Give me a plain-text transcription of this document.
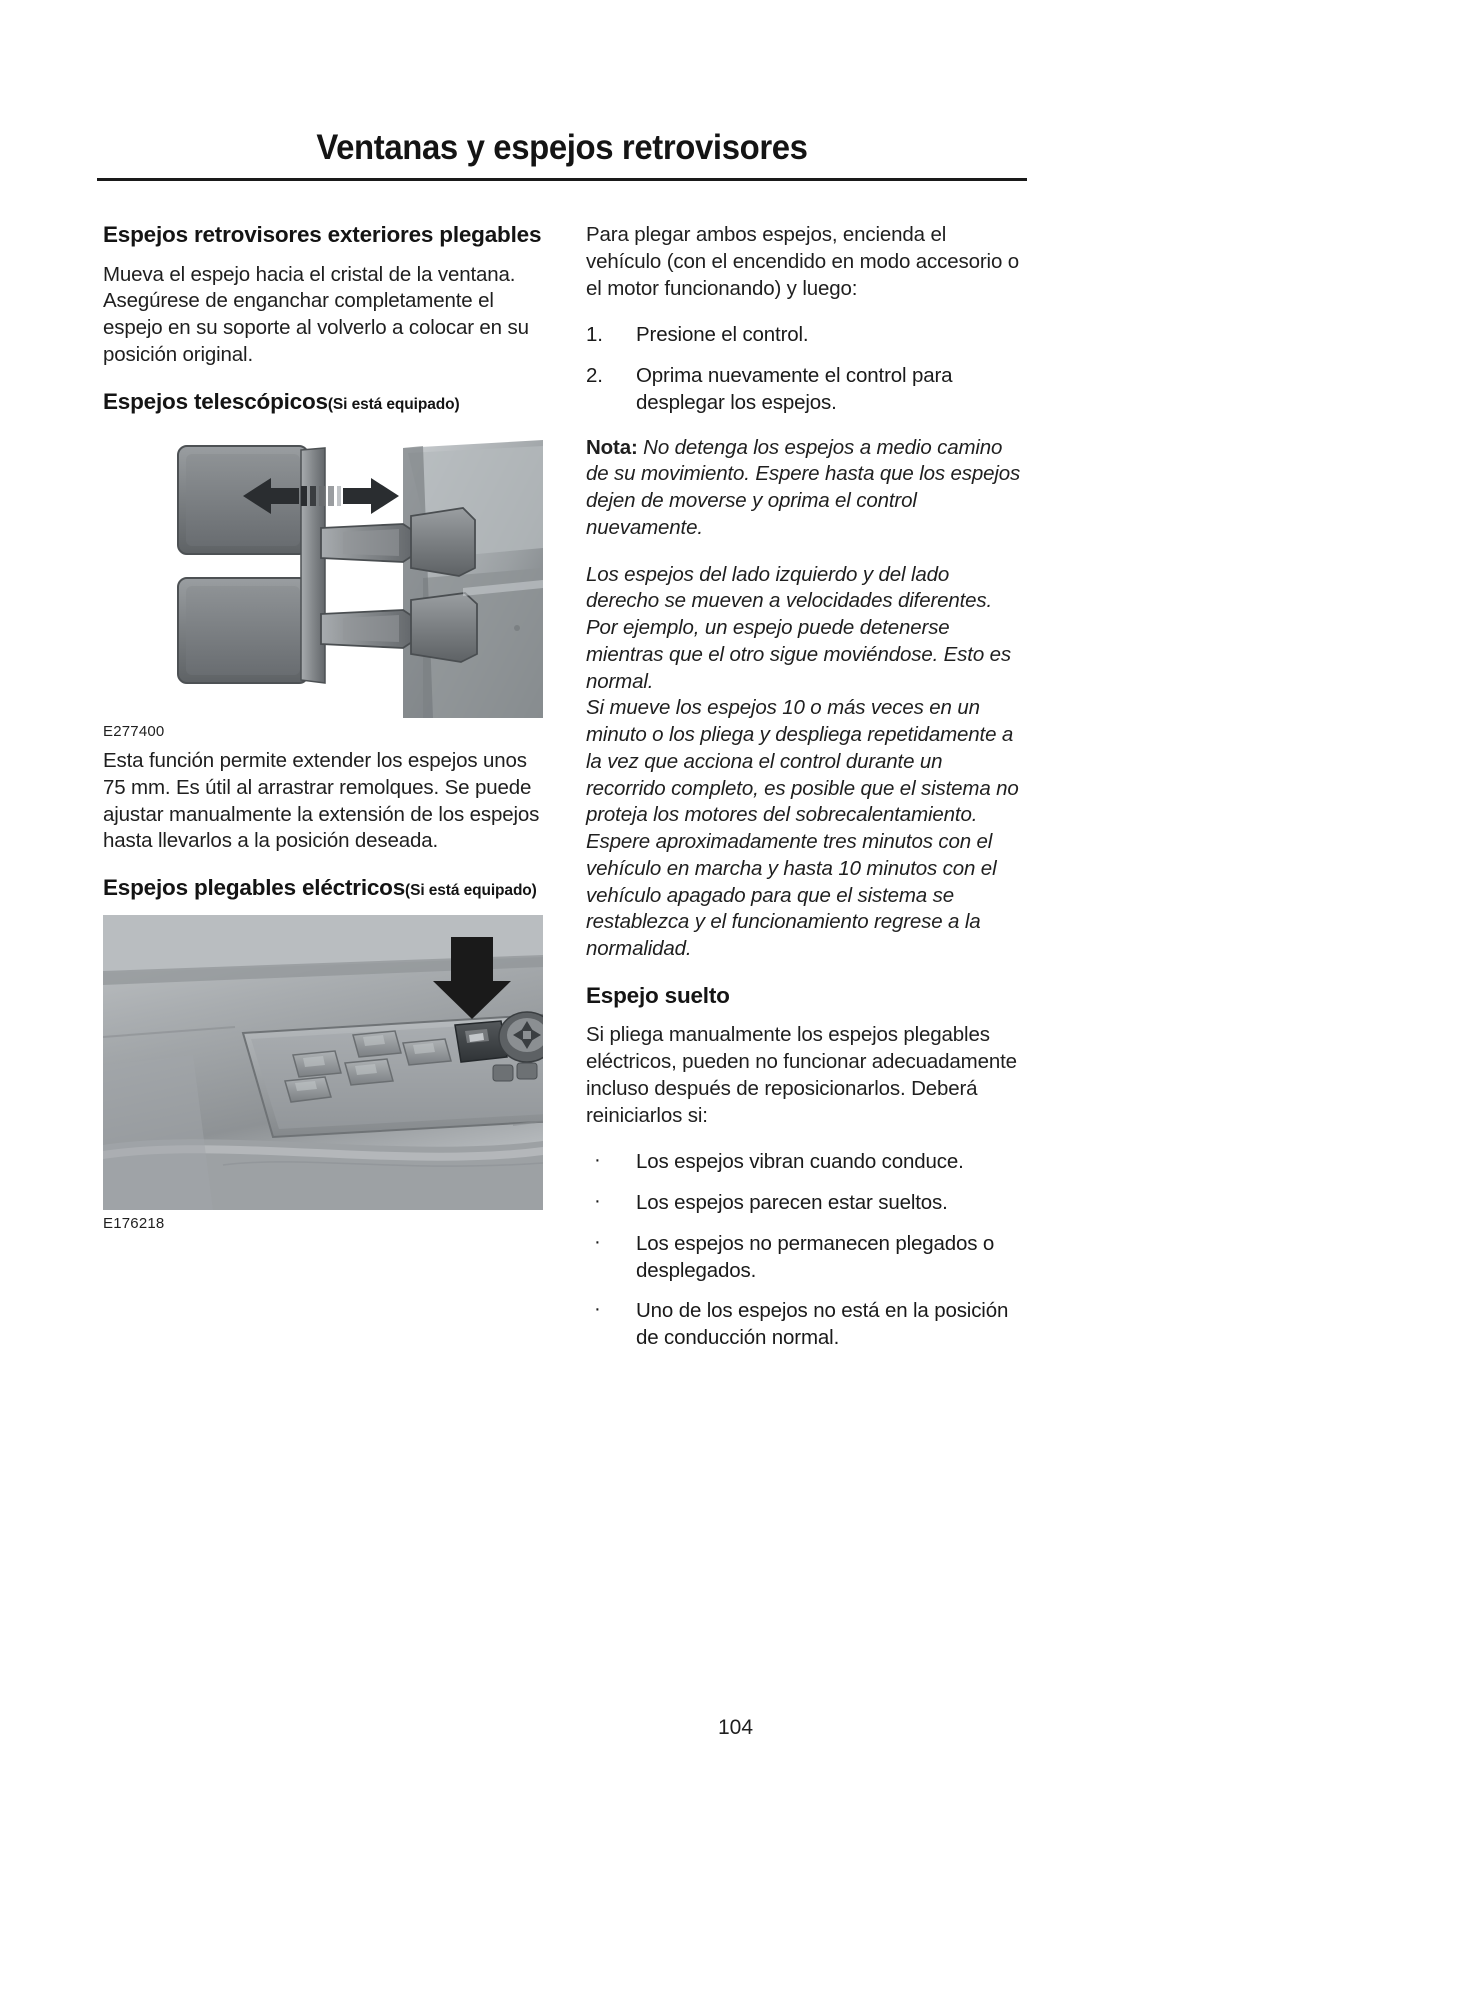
Ventanas y espejos retrovisores
Espejos retrovisores exteriores plegables

Mueva el espejo hacia el cristal de la ventana. Asegúrese de enganchar completamente el espejo en su soporte al volverlo a colocar en su posición original.

Espejos telescópicos(Si está equipado)
E277400

Esta función permite extender los espejos unos 75 mm. Es útil al arrastrar remolques. Se puede ajustar manualmente la extensión de los espejos hasta llevarlos a la posición deseada.

Espejos plegables eléctricos(Si está equipado)
E176218

Para plegar ambos espejos, encienda el vehículo (con el encendido en modo accesorio o el motor funcionando) y luego:

1.	Presione el control.
2.	Oprima nuevamente el control para desplegar los espejos.

Nota: No detenga los espejos a medio camino de su movimiento. Espere hasta que los espejos dejen de moverse y oprima el control nuevamente.

Los espejos del lado izquierdo y del lado derecho se mueven a velocidades diferentes. Por ejemplo, un espejo puede detenerse mientras que el otro sigue moviéndose. Esto es normal.

Si mueve los espejos 10 o más veces en un minuto o los pliega y despliega repetidamente a la vez que acciona el control durante un recorrido completo, es posible que el sistema no proteja los motores del sobrecalentamiento. Espere aproximadamente tres minutos con el vehículo en marcha y hasta 10 minutos con el vehículo apagado para que el sistema se restablezca y el funcionamiento regrese a la normalidad.

Espejo suelto

Si pliega manualmente los espejos plegables eléctricos, pueden no funcionar adecuadamente incluso después de reposicionarlos. Deberá reiniciarlos si:

· Los espejos vibran cuando conduce.
· Los espejos parecen estar sueltos.
· Los espejos no permanecen plegados o desplegados.
· Uno de los espejos no está en la posición de conducción normal.
104
